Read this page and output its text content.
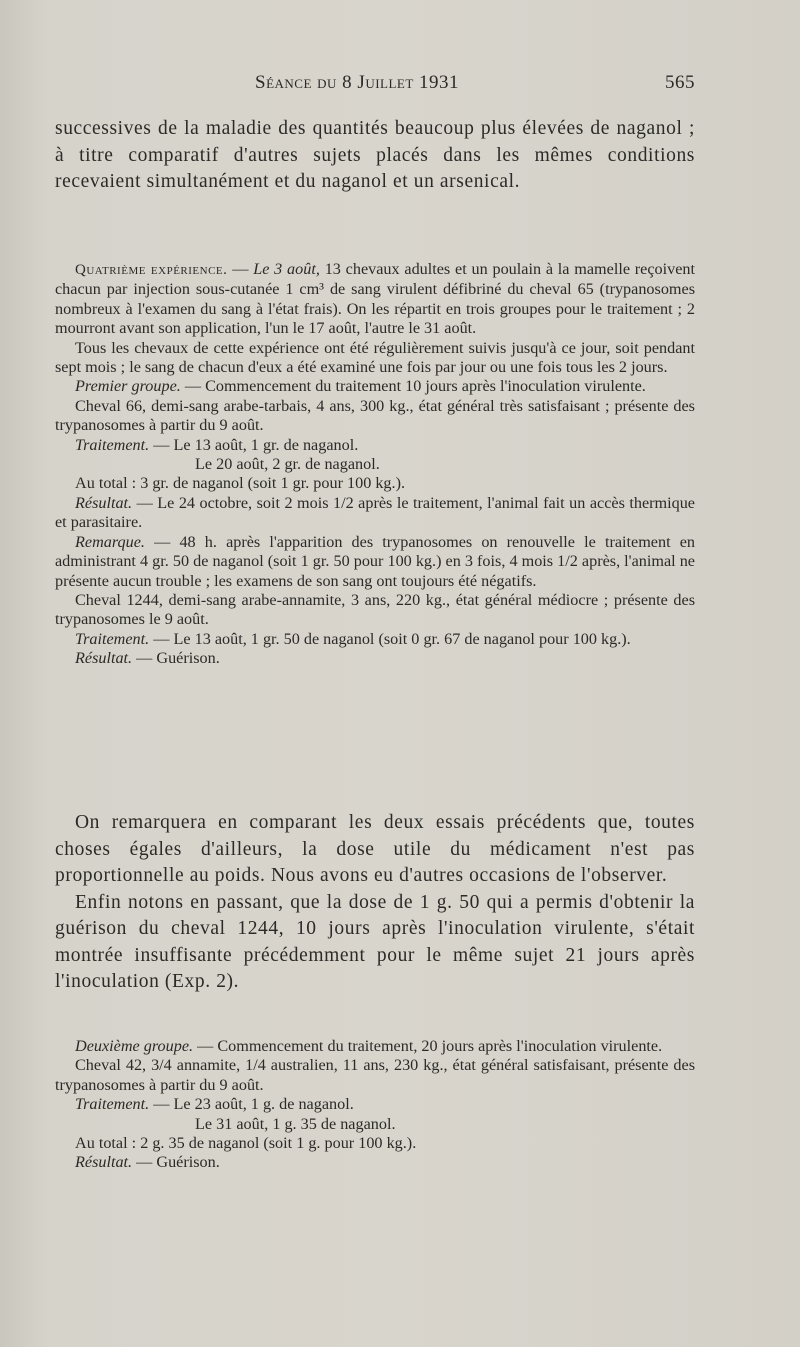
Séance du 8 Juillet 1931	565

successives de la maladie des quantités beaucoup plus élevées de naganol ; à titre comparatif d'autres sujets placés dans les mêmes conditions recevaient simultanément et du naganol et un arsenical.

Quatrième expérience. — Le 3 août, 13 chevaux adultes et un poulain à la mamelle reçoivent chacun par injection sous-cutanée 1 cm³ de sang virulent défibriné du cheval 65 (trypanosomes nombreux à l'examen du sang à l'état frais). On les répartit en trois groupes pour le traitement ; 2 mourront avant son application, l'un le 17 août, l'autre le 31 août.

Tous les chevaux de cette expérience ont été régulièrement suivis jusqu'à ce jour, soit pendant sept mois ; le sang de chacun d'eux a été examiné une fois par jour ou une fois tous les 2 jours.

Premier groupe. — Commencement du traitement 10 jours après l'inoculation virulente.

Cheval 66, demi-sang arabe-tarbais, 4 ans, 300 kg., état général très satisfaisant ; présente des trypanosomes à partir du 9 août.

Traitement. — Le 13 août, 1 gr. de naganol.

Le 20 août, 2 gr. de naganol.

Au total : 3 gr. de naganol (soit 1 gr. pour 100 kg.).

Résultat. — Le 24 octobre, soit 2 mois 1/2 après le traitement, l'animal fait un accès thermique et parasitaire.

Remarque. — 48 h. après l'apparition des trypanosomes on renouvelle le traitement en administrant 4 gr. 50 de naganol (soit 1 gr. 50 pour 100 kg.) en 3 fois, 4 mois 1/2 après, l'animal ne présente aucun trouble ; les examens de son sang ont toujours été négatifs.

Cheval 1244, demi-sang arabe-annamite, 3 ans, 220 kg., état général médiocre ; présente des trypanosomes le 9 août.

Traitement. — Le 13 août, 1 gr. 50 de naganol (soit 0 gr. 67 de naganol pour 100 kg.).

Résultat. — Guérison.

On remarquera en comparant les deux essais précédents que, toutes choses égales d'ailleurs, la dose utile du médicament n'est pas proportionnelle au poids. Nous avons eu d'autres occasions de l'observer.

Enfin notons en passant, que la dose de 1 g. 50 qui a permis d'obtenir la guérison du cheval 1244, 10 jours après l'inoculation virulente, s'était montrée insuffisante précédemment pour le même sujet 21 jours après l'inoculation (Exp. 2).

Deuxième groupe. — Commencement du traitement, 20 jours après l'inoculation virulente.

Cheval 42, 3/4 annamite, 1/4 australien, 11 ans, 230 kg., état général satisfaisant, présente des trypanosomes à partir du 9 août.

Traitement. — Le 23 août, 1 g. de naganol.

Le 31 août, 1 g. 35 de naganol.

Au total : 2 g. 35 de naganol (soit 1 g. pour 100 kg.).

Résultat. — Guérison.
